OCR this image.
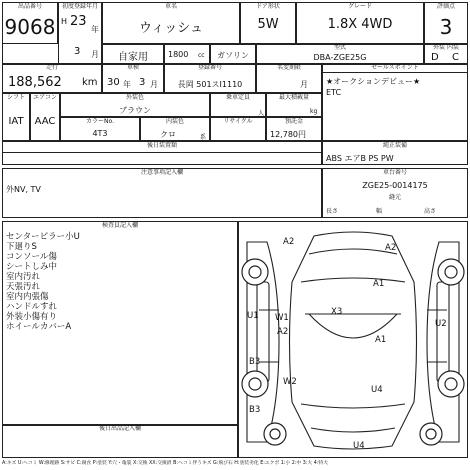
出品番号
9068
初度登録年月
H 23
年
3 月
車名
ウィッシュ
ドア形状
5W
グレード
1.8X 4WD
評価点
3
自家用	1800 cc	ガソリン
型式
DBA-ZGE25G
外装 内装
D C
走行
188,562 km
車検
30 年 3 月
登録番号
長岡 501スI1110
名変期限
月
シフト
IAT
エアコン
AAC
外装色
ブラウン
乗車定員
人
最大積載量
kg
カラーNo.
4T3
内装色
クロ	系
リサイクル	預託金
12,780円
後日装置類
セールスポイント
★オークションデビュー★
ETC
純正装備
ABS エアB PS PW
注意事項記入欄
外NV, TV
車台番号
ZGE25-0014175
縫元
長さ	幅	高さ
検査員記入欄
センターピラー小U
下廻りS
コンソール傷
シートしみ中
室内汚れ
天張汚れ
室内内張傷
ハンドルすれ
外装小傷有り
ホイールカバーA
後日出品記入欄
A2
A2
A1
W1
A2
U1	X3
B3
W2
A1
U4
U2
B3
U4
A:キズ U:ヘコミ W:修理跡 S:サビ C:腐食 P:塗装 Y:穴・亀裂 X:交換 XX:交換済 B:ヘコミ伴うキズ G:飛び石 H:塗装劣化 E:エクボ 1:小 2:中 3:大 4:特大
